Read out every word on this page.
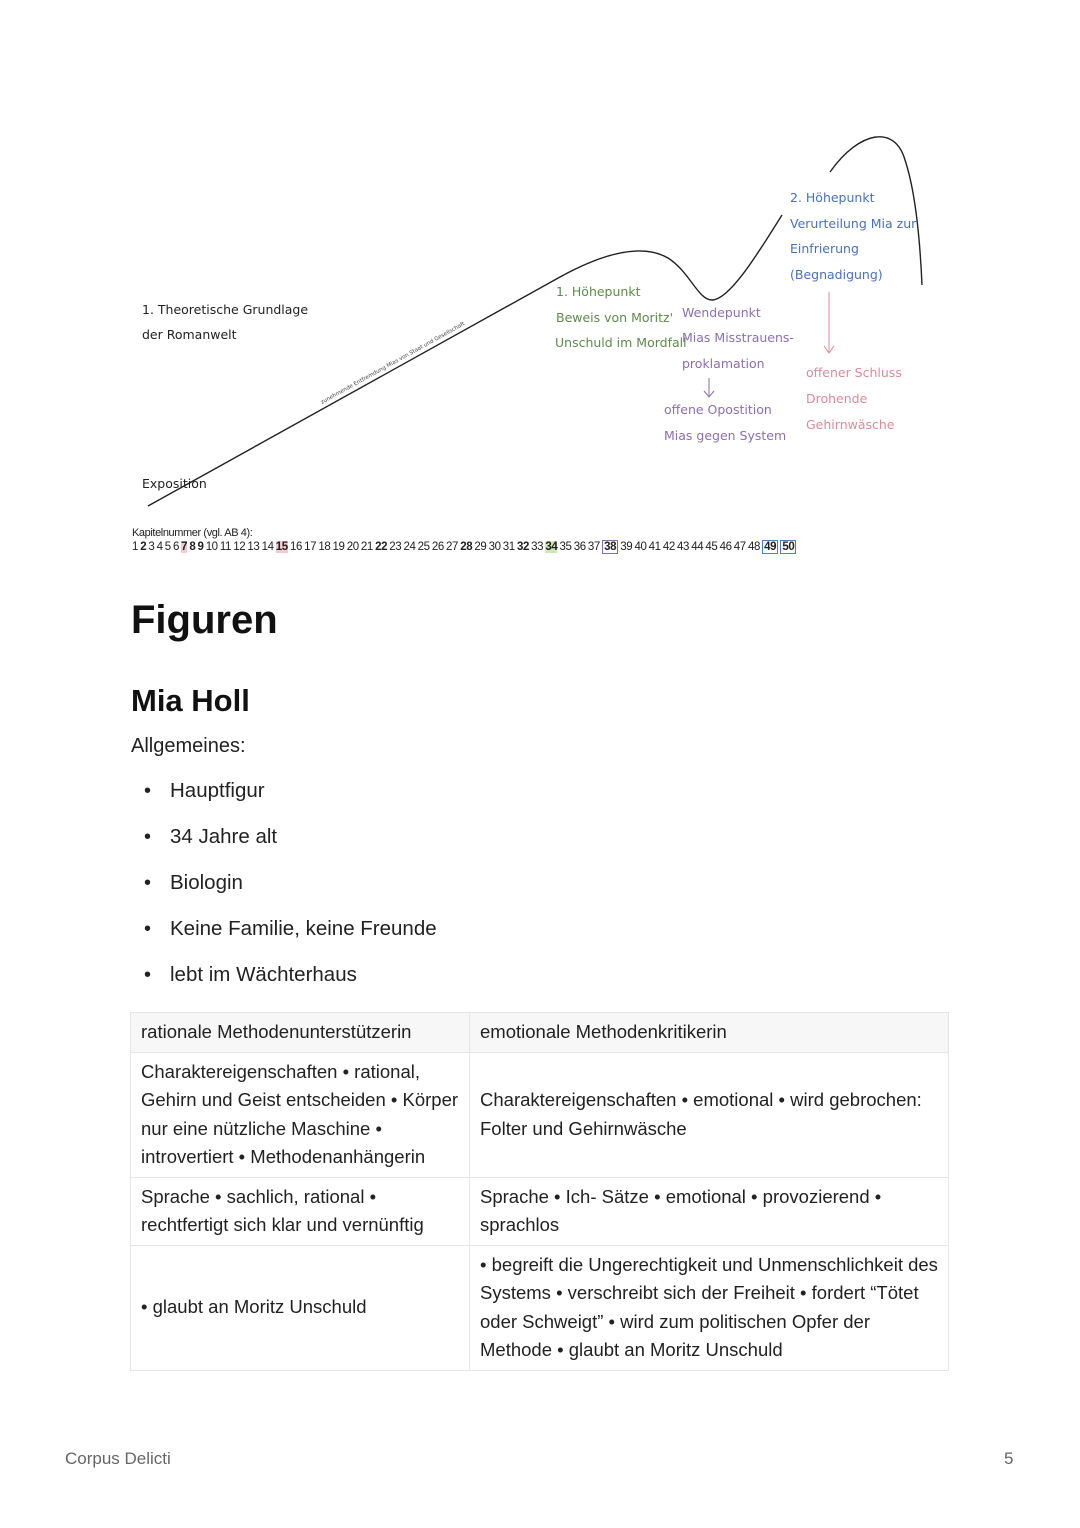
1. Theoretische Grundlage
der Romanwelt
Exposition
zunehmende Entfremdung Mias von Staat und Gesellschaft
1. Höhepunkt
Beweis von Moritz'
Unschuld im Mordfall
Wendepunkt
Mias Misstrauens-
proklamation
offene Opostition
Mias gegen System
2. Höhepunkt
Verurteilung Mia zur
Einfrierung
(Begnadigung)
offener Schluss
Drohende
Gehirnwäsche
Kapitelnummer (vgl. AB 4):
1 2 3 4 5 6 7 8 9 10 11 12 13 14 15 16 17 18 19 20 21 22 23 24 25 26 27 28 29 30 31 32 33 34 35 36 37 38 39 40 41 42 43 44 45 46 47 48 49 50
Figuren
Mia Holl
Allgemeines:
• Hauptfigur
• 34 Jahre alt
• Biologin
• Keine Familie, keine Freunde
• lebt im Wächterhaus
rationale Methodenunterstützerin	emotionale Methodenkritikerin
Charaktereigenschaften • rational, Gehirn und Geist entscheiden • Körper nur eine nützliche Maschine • introvertiert • Methodenanhängerin	Charaktereigenschaften • emotional • wird gebrochen: Folter und Gehirnwäsche
Sprache • sachlich, rational • rechtfertigt sich klar und vernünftig	Sprache • Ich- Sätze • emotional • provozierend • sprachlos
• glaubt an Moritz Unschuld	• begreift die Ungerechtigkeit und Unmenschlichkeit des Systems • verschreibt sich der Freiheit • fordert “Tötet oder Schweigt” • wird zum politischen Opfer der Methode • glaubt an Moritz Unschuld
Corpus Delicti	5
